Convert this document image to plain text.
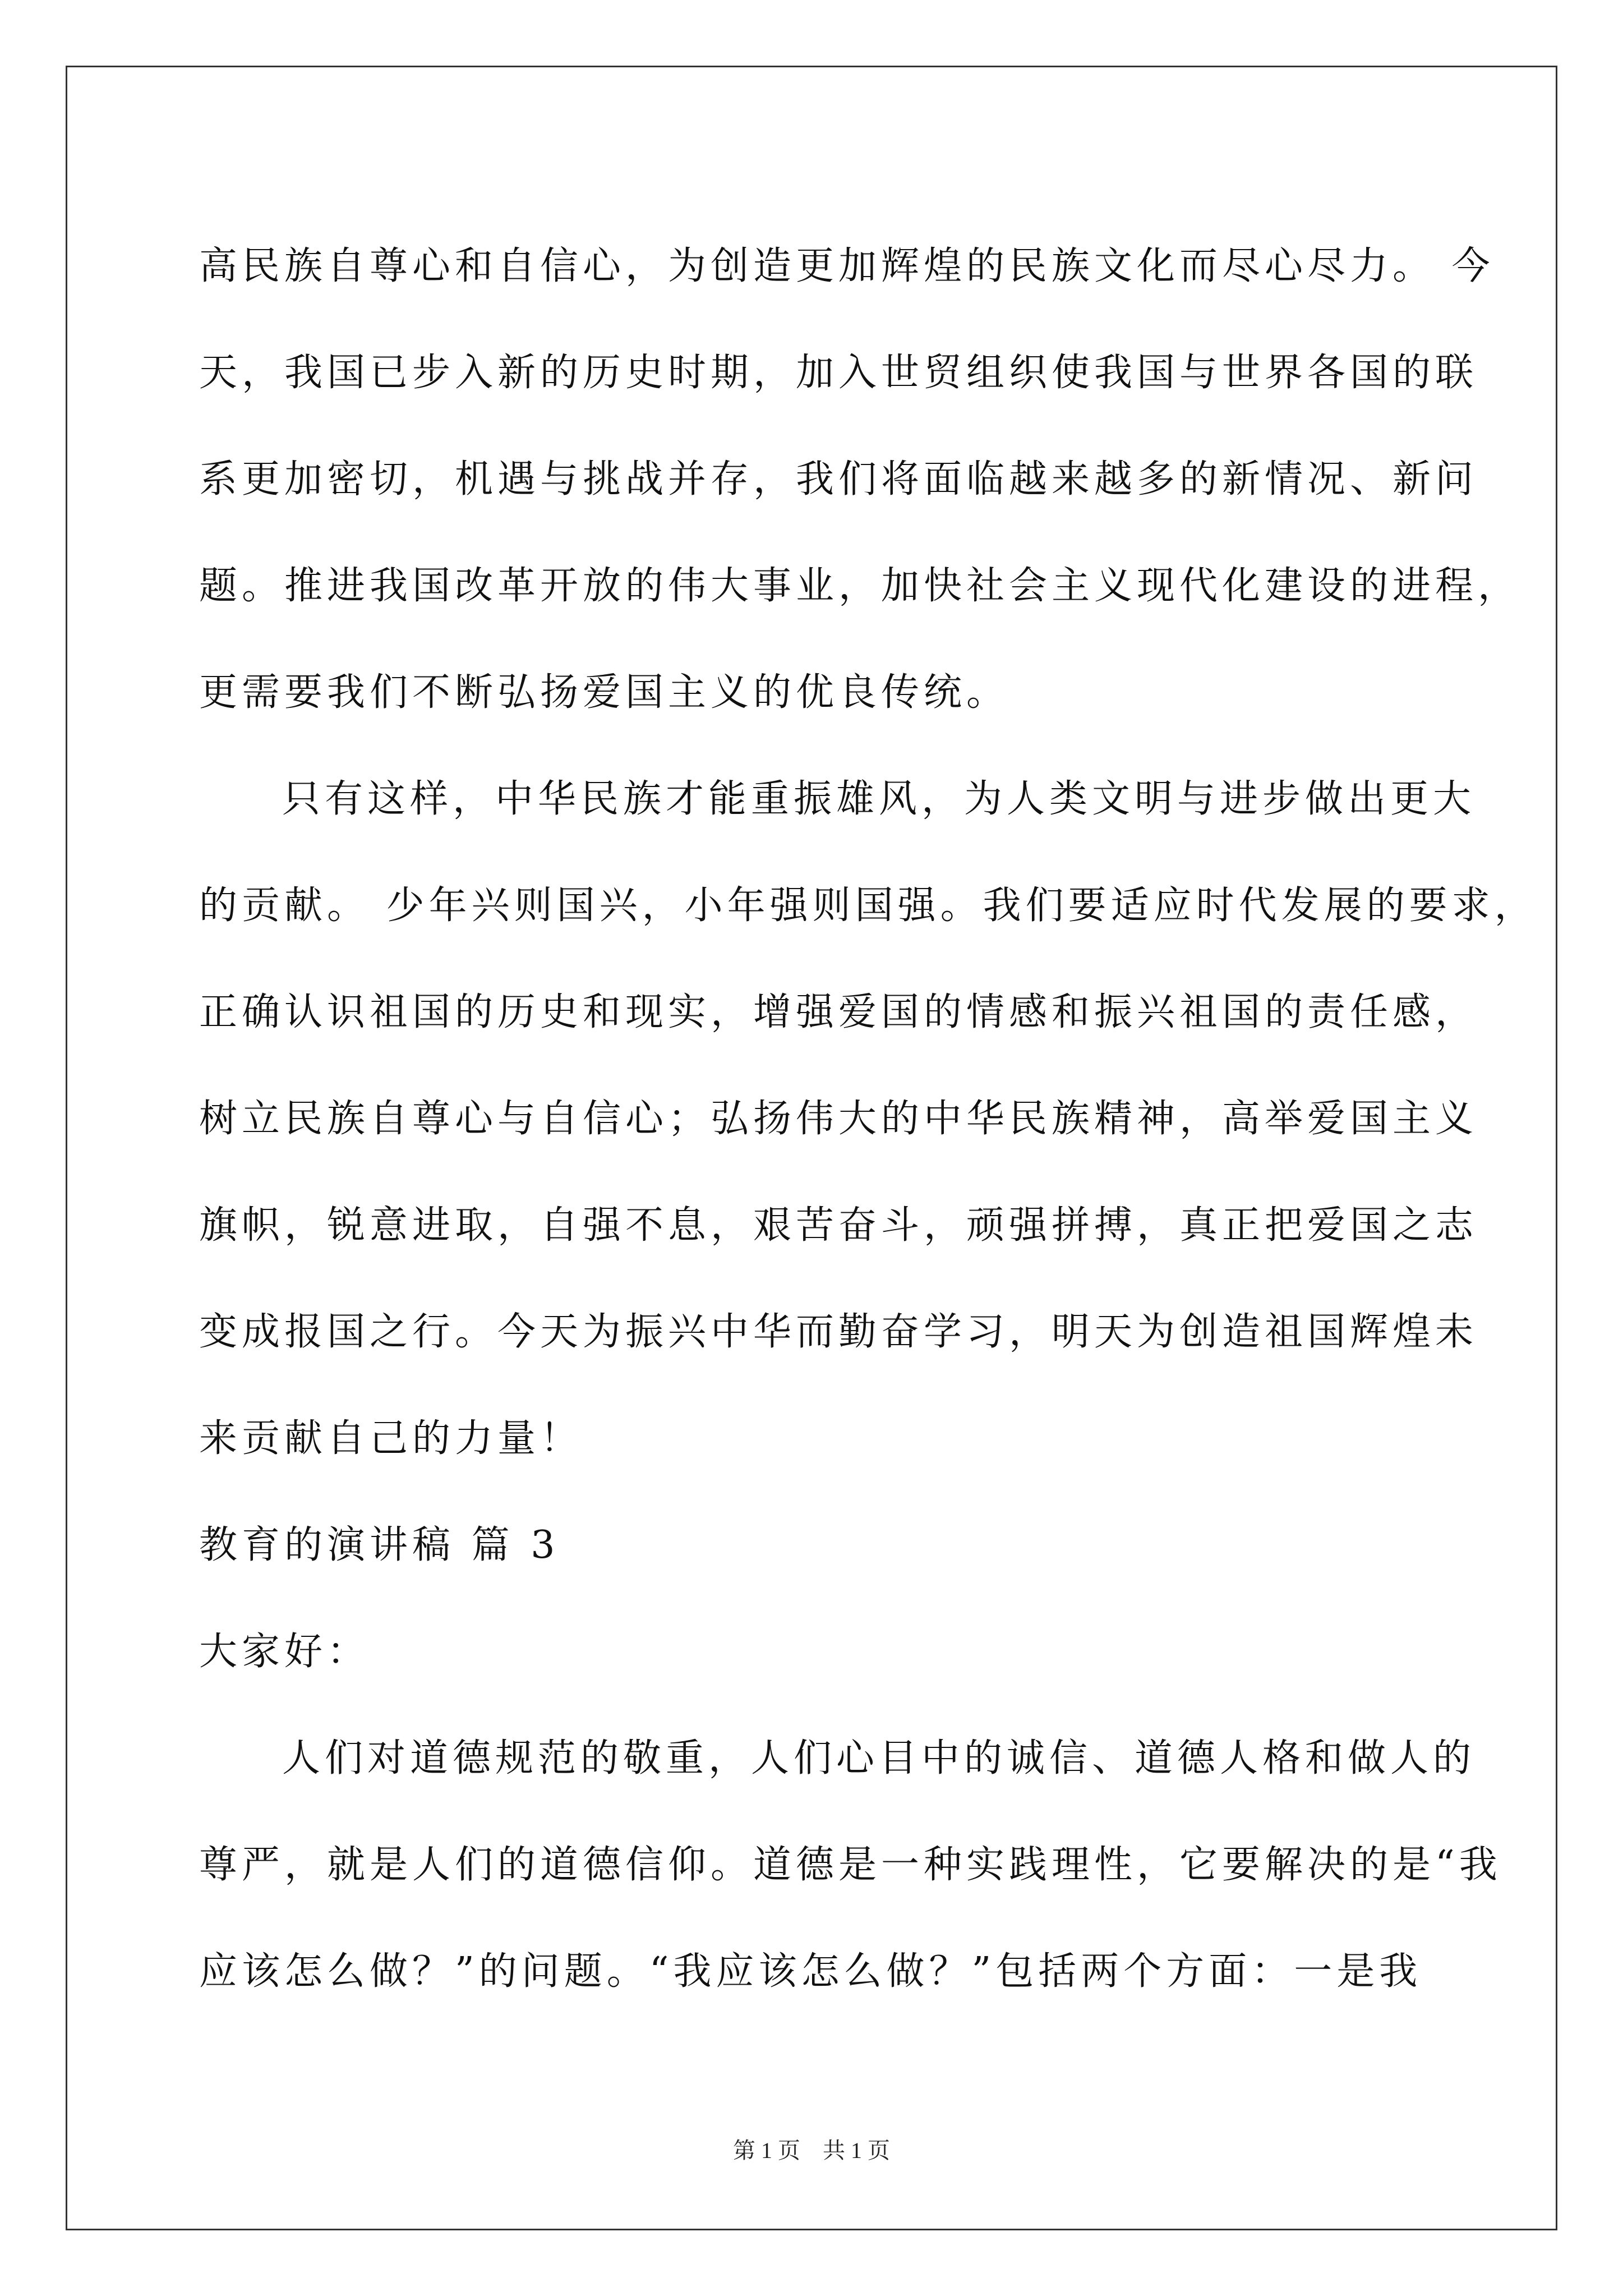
高民族自尊心和自信心，为创造更加辉煌的民族文化而尽心尽力。 今
天，我国已步入新的历史时期，加入世贸组织使我国与世界各国的联
系更加密切，机遇与挑战并存，我们将面临越来越多的新情况、新问
题。推进我国改革开放的伟大事业，加快社会主义现代化建设的进程，
更需要我们不断弘扬爱国主义的优良传统。
只有这样，中华民族才能重振雄风，为人类文明与进步做出更大
的贡献。 少年兴则国兴，小年强则国强。我们要适应时代发展的要求，
正确认识祖国的历史和现实，增强爱国的情感和振兴祖国的责任感，
树立民族自尊心与自信心；弘扬伟大的中华民族精神，高举爱国主义
旗帜，锐意进取，自强不息，艰苦奋斗，顽强拼搏，真正把爱国之志
变成报国之行。今天为振兴中华而勤奋学习，明天为创造祖国辉煌未
来贡献自己的力量！
教育的演讲稿 篇 3
大家好：
人们对道德规范的敬重，人们心目中的诚信、道德人格和做人的
尊严，就是人们的道德信仰。道德是一种实践理性，它要解决的是“我
应该怎么做？”的问题。“我应该怎么做？”包括两个方面：一是我
第 1 页　共 1 页
